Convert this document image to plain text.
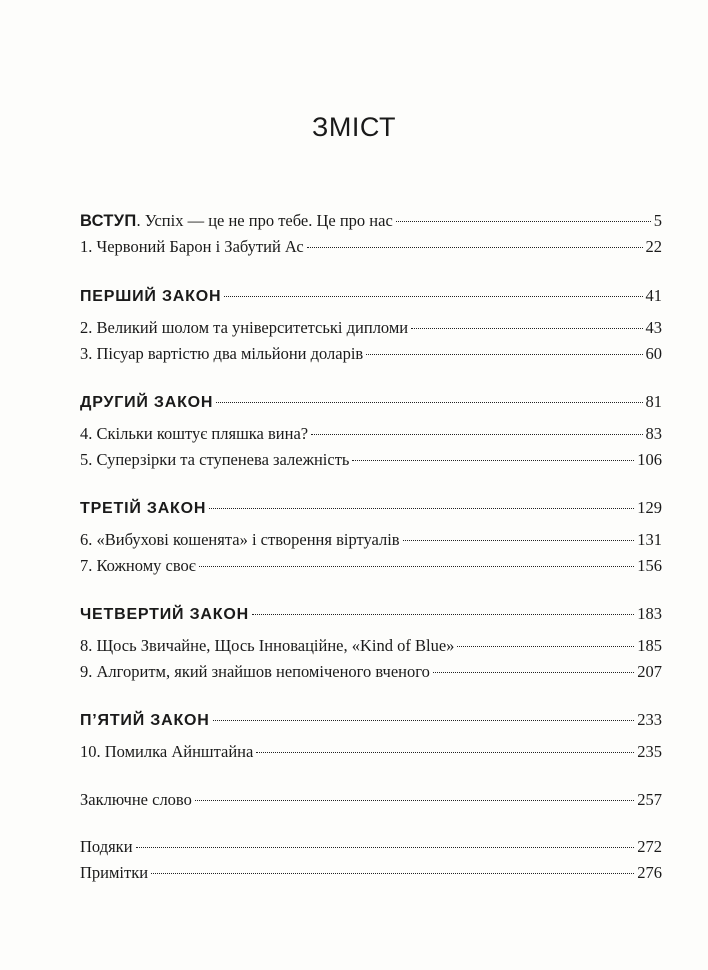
ЗМІСТ
ВСТУП. Успіх — це не про тебе. Це про нас	5
1. Червоний Барон і Забутий Ас	22
ПЕРШИЙ ЗАКОН	41
2. Великий шолом та університетські дипломи	43
3. Пісуар вартістю два мільйони доларів	60
ДРУГИЙ ЗАКОН	81
4. Скільки коштує пляшка вина?	83
5. Суперзірки та ступенева залежність	106
ТРЕТІЙ ЗАКОН	129
6. «Вибухові кошенята» і створення віртуалів	131
7. Кожному своє	156
ЧЕТВЕРТИЙ ЗАКОН	183
8. Щось Звичайне, Щось Інноваційне, «Kind of Blue»	185
9. Алгоритм, який знайшов непоміченого вченого	207
П’ЯТИЙ ЗАКОН	233
10. Помилка Айнштайна	235
Заключне слово	257
Подяки	272
Примітки	276
